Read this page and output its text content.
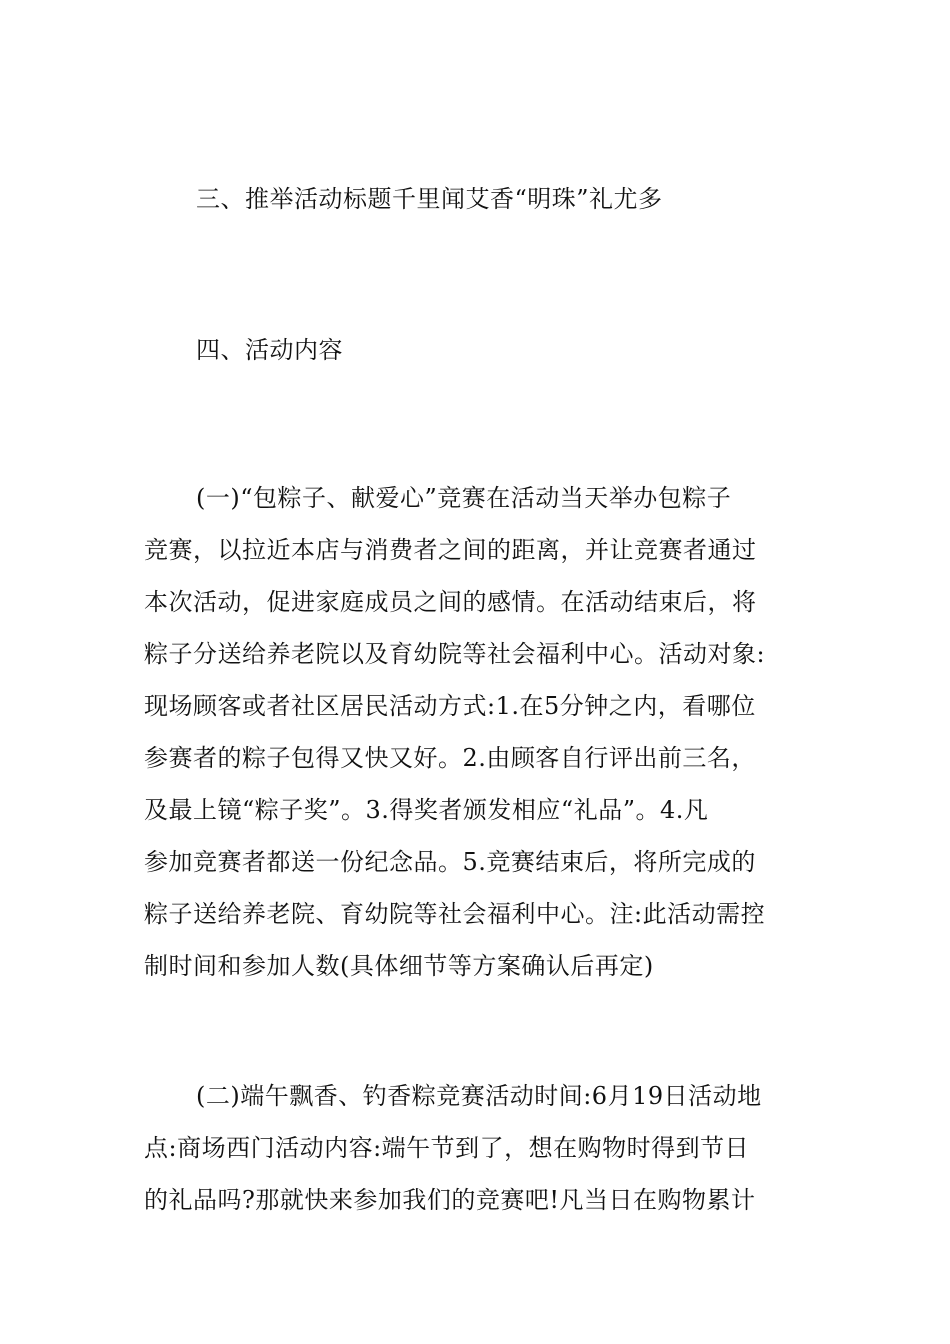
三、推举活动标题千里闻艾香“明珠”礼尤多
四、活动内容
(一)“包粽子、献爱心”竞赛在活动当天举办包粽子
竞赛，以拉近本店与消费者之间的距离，并让竞赛者通过
本次活动，促进家庭成员之间的感情。在活动结束后，将
粽子分送给养老院以及育幼院等社会福利中心。活动对象:
现场顾客或者社区居民活动方式:1.在5分钟之内，看哪位
参赛者的粽子包得又快又好。2.由顾客自行评出前三名，
及最上镜“粽子奖”。3.得奖者颁发相应“礼品”。4.凡
参加竞赛者都送一份纪念品。5.竞赛结束后，将所完成的
粽子送给养老院、育幼院等社会福利中心。注:此活动需控
制时间和参加人数(具体细节等方案确认后再定)
(二)端午飘香、钓香粽竞赛活动时间:6月19日活动地
点:商场西门活动内容:端午节到了，想在购物时得到节日
的礼品吗?那就快来参加我们的竞赛吧!凡当日在购物累计
